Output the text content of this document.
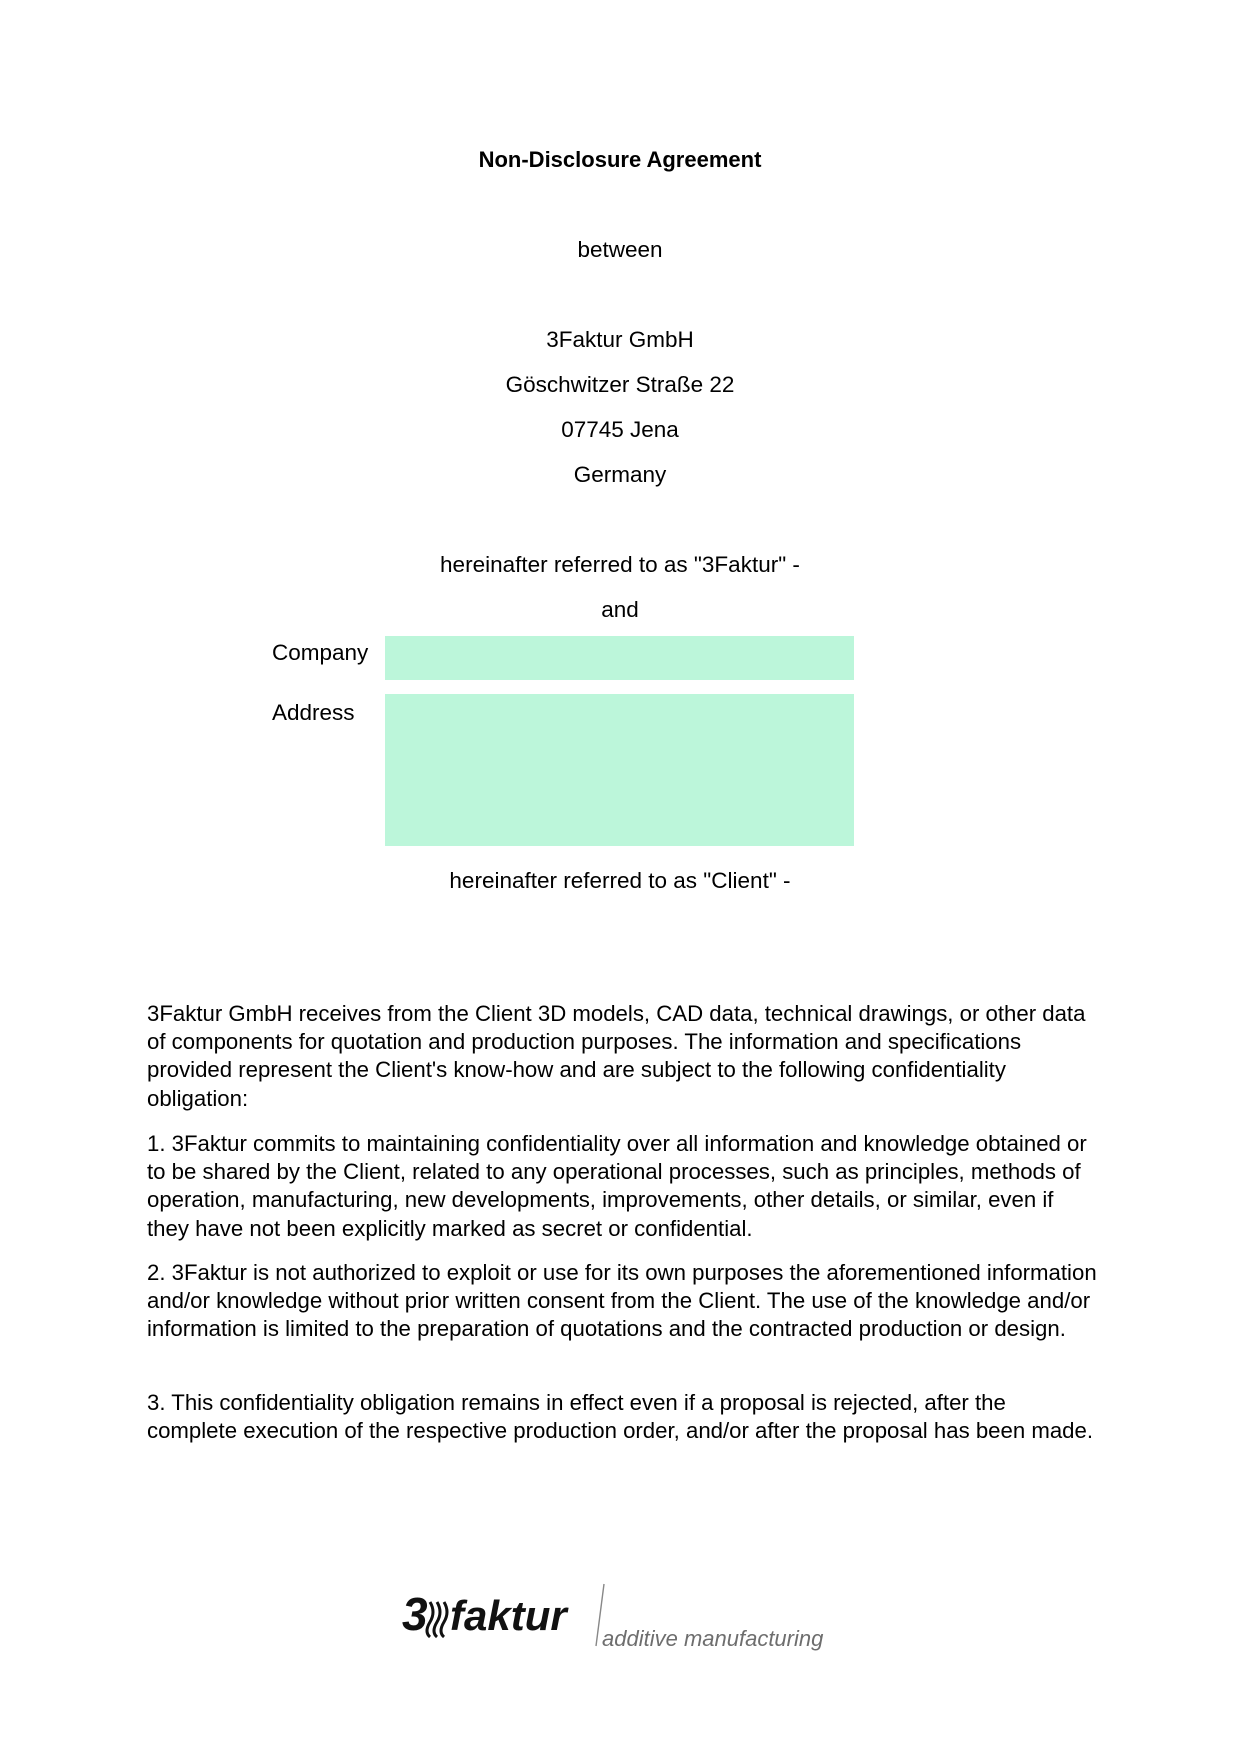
Non-Disclosure Agreement
between
3Faktur GmbH
Göschwitzer Straße 22
07745 Jena
Germany
hereinafter referred to as "3Faktur" -
and
Company
Address
hereinafter referred to as "Client" -
3Faktur GmbH receives from the Client 3D models, CAD data, technical drawings, or other data of components for quotation and production purposes. The information and specifications provided represent the Client's know-how and are subject to the following confidentiality obligation:
1. 3Faktur commits to maintaining confidentiality over all information and knowledge obtained or to be shared by the Client, related to any operational processes, such as principles, methods of operation, manufacturing, new developments, improvements, other details, or similar, even if they have not been explicitly marked as secret or confidential.
2. 3Faktur is not authorized to exploit or use for its own purposes the aforementioned information and/or knowledge without prior written consent from the Client. The use of the knowledge and/or information is limited to the preparation of quotations and the contracted production or design.
3. This confidentiality obligation remains in effect even if a proposal is rejected, after the complete execution of the respective production order, and/or after the proposal has been made.
3 faktur additive manufacturing
